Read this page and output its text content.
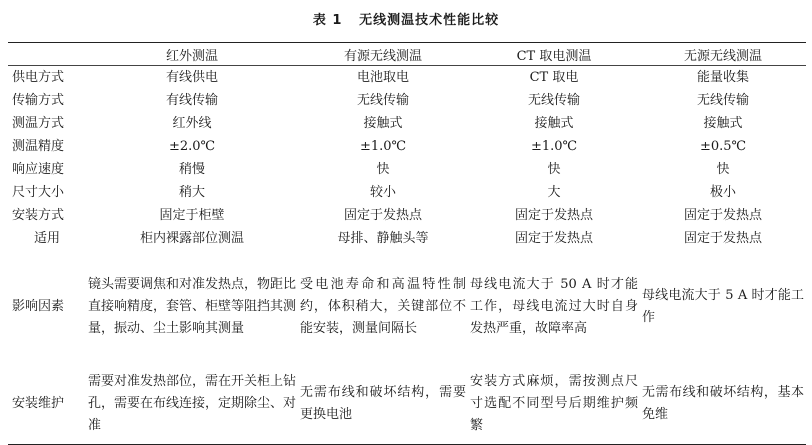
表 1 无线测温技术性能比较
	红外测温	有源无线测温	CT 取电测温	无源无线测温
供电方式	有线供电	电池取电	CT 取电	能量收集
传输方式	有线传输	无线传输	无线传输	无线传输
测温方式	红外线	接触式	接触式	接触式
测温精度	±2.0℃	±1.0℃	±1.0℃	±0.5℃
响应速度	稍慢	快	快	快
尺寸大小	稍大	较小	大	极小
安装方式	固定于柜壁	固定于发热点	固定于发热点	固定于发热点
适用	柜内裸露部位测温	母排、静触头等	固定于发热点	固定于发热点
影响因素	镜头需要调焦和对准发热点，物距比直接响精度，套管、柜壁等阻挡其测量，振动、尘土影响其测量	受电池寿命和高温特性制约，体积稍大，关键部位不能安装，测量间隔长	母线电流大于 50 A 时才能工作，母线电流过大时自身发热严重，故障率高	母线电流大于 5 A 时才能工作
安装维护	需要对准发热部位，需在开关柜上钻孔，需要在布线连接，定期除尘、对准	无需布线和破坏结构，需要更换电池	安装方式麻烦，需按测点尺寸选配不同型号后期维护频繁	无需布线和破坏结构，基本免维
